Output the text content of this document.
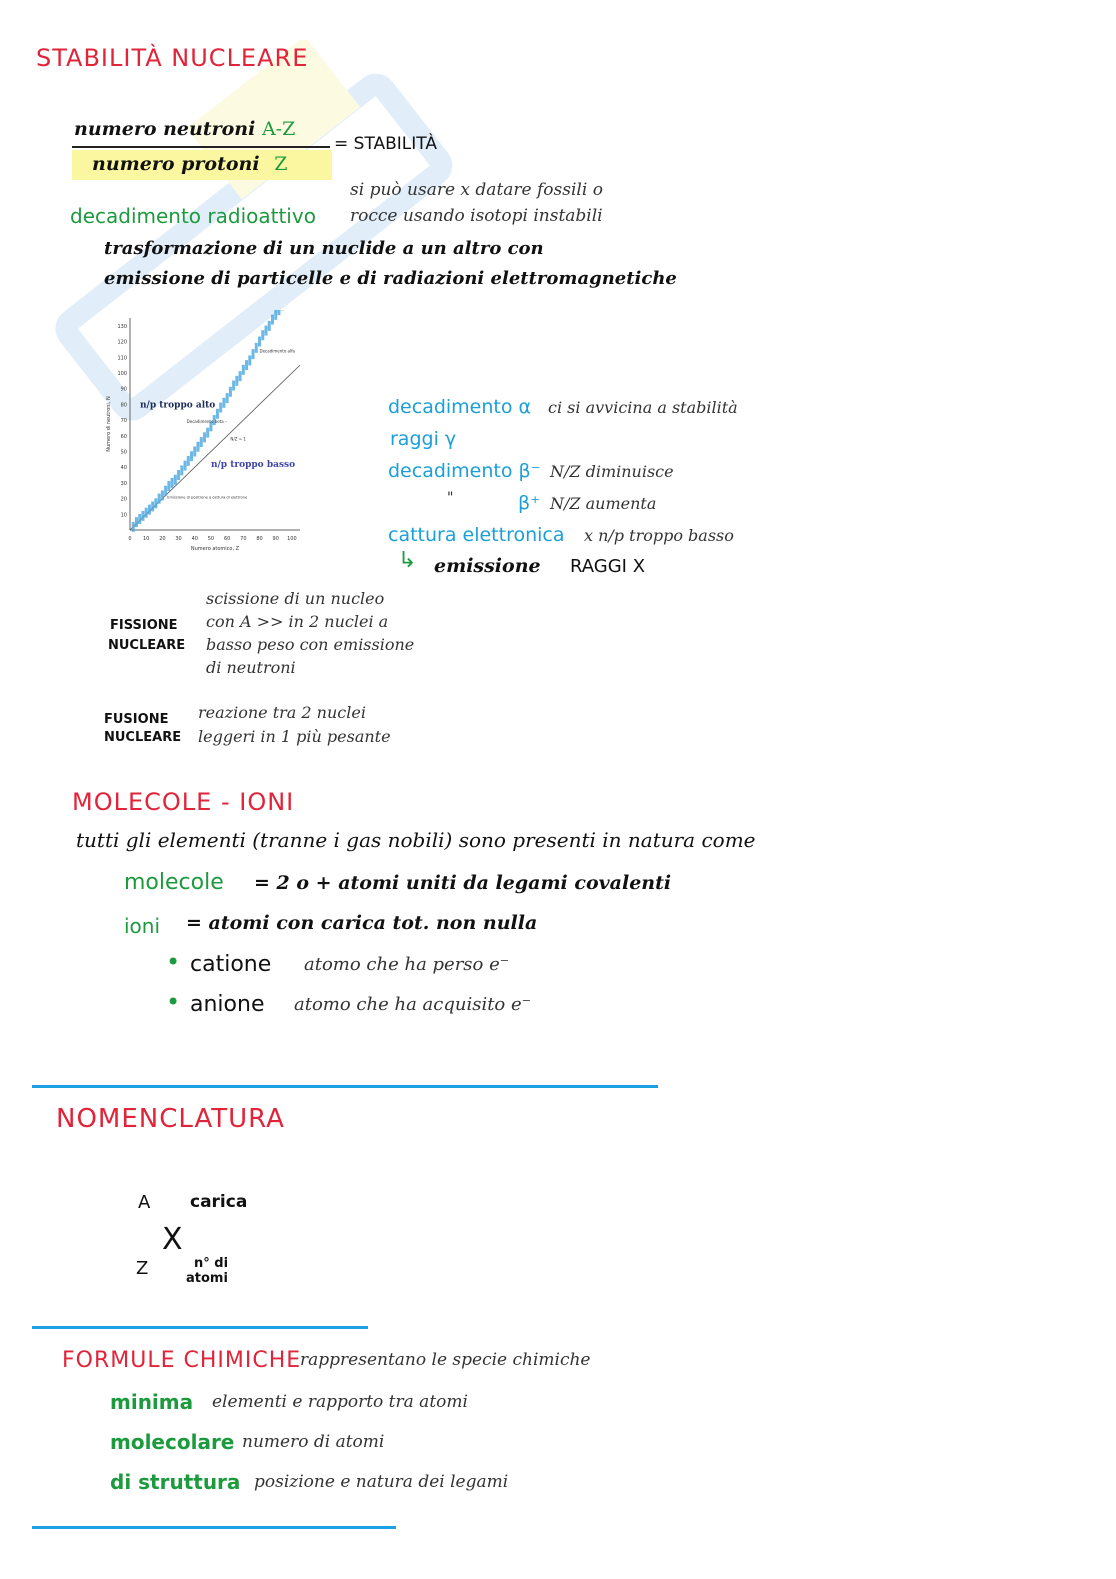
STABILITÀ NUCLEARE
numero neutroni A-Z
numero protoni Z
= STABILITÀ
decadimento radioattivo
si può usare x datare fossili o
rocce usando isotopi instabili
trasformazione di un nuclide a un altro con
emissione di particelle e di radiazioni elettromagnetiche
0 10 20 30 40 50 60 70 80 90 100
130
120
110
100
90
80
70
60
50
40
30
20
10
Numero atomico, Z
Numero di neutroni, N	n/p troppo alto
n/p troppo basso
Decadimento beta –
Decadimento alfa
N/Z = 1
Emissione di positrone o cattura di elettrone
decadimento α ci si avvicina a stabilità
raggi γ
decadimento β⁻ N/Z diminuisce
"	β⁺ N/Z aumenta
cattura elettronica x n/p troppo basso
↳ emissione RAGGI X
FISSIONE
NUCLEARE
scissione di un nucleo
con A >> in 2 nuclei a
basso peso con emissione
di neutroni
FUSIONE
NUCLEARE
reazione tra 2 nuclei
leggeri in 1 più pesante
MOLECOLE - IONI
tutti gli elementi (tranne i gas nobili) sono presenti in natura come
molecole = 2 o + atomi uniti da legami covalenti
ioni = atomi con carica tot. non nulla
• catione atomo che ha perso e⁻
• anione atomo che ha acquisito e⁻
NOMENCLATURA
A carica
X
Z	n° di
atomi
FORMULE CHIMICHE
rappresentano le specie chimiche
minima elementi e rapporto tra atomi
molecolare numero di atomi
di struttura posizione e natura dei legami
